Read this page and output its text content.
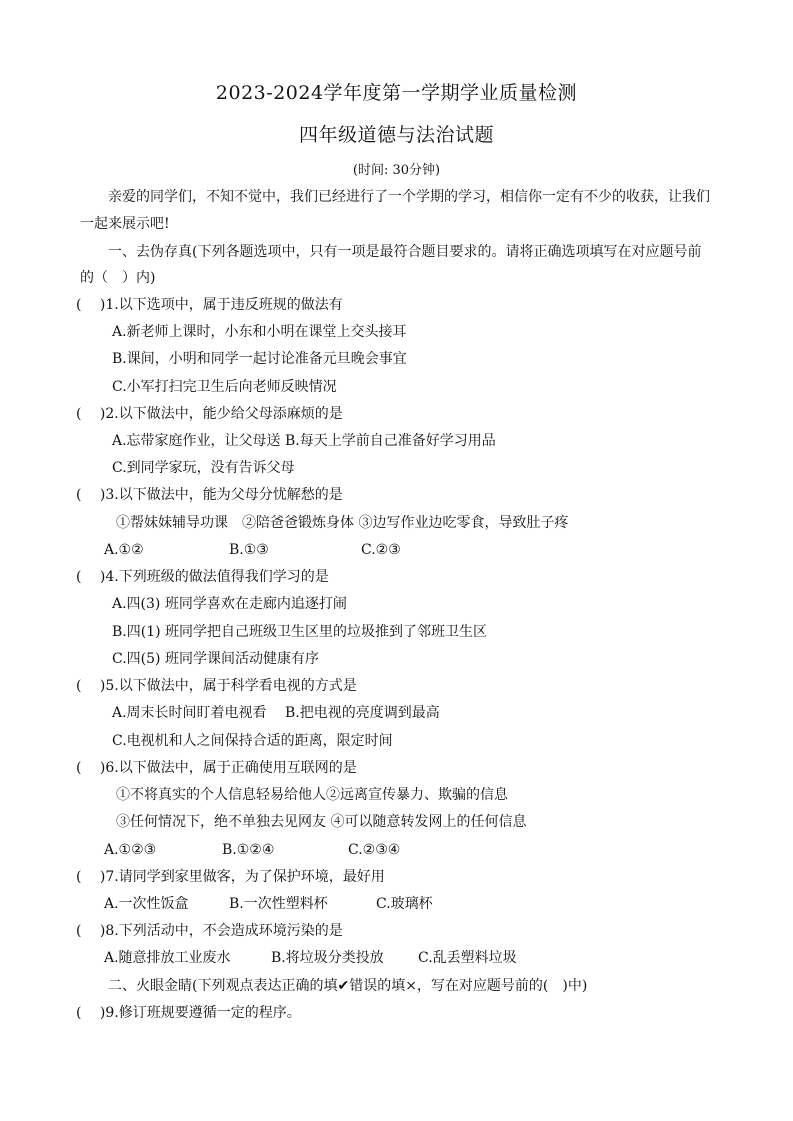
2023-2024学年度第一学期学业质量检测
四年级道德与法治试题
(时间: 30分钟)
亲爱的同学们，不知不觉中，我们已经进行了一个学期的学习，相信你一定有不少的收获，让我们
一起来展示吧!
一、去伪存真(下列各题选项中，只有一项是最符合题目要求的。请将正确选项填写在对应题号前
的（　）内)
(　 )1.以下选项中，属于违反班规的做法有
A.新老师上课时，小东和小明在课堂上交头接耳
B.课间，小明和同学一起讨论准备元旦晚会事宜
C.小军打扫完卫生后向老师反映情况
(　 )2.以下做法中，能少给父母添麻烦的是
A.忘带家庭作业，让父母送 B.每天上学前自己准备好学习用品
C.到同学家玩，没有告诉父母
(　 )3.以下做法中，能为父母分忧解愁的是
①帮妹妹辅导功课　②陪爸爸锻炼身体 ③边写作业边吃零食，导致肚子疼
A.①②	B.①③	C.②③
(　 )4.下列班级的做法值得我们学习的是
A.四(3) 班同学喜欢在走廊内追逐打闹
B.四(1) 班同学把自己班级卫生区里的垃圾推到了邻班卫生区
C.四(5) 班同学课间活动健康有序
(　 )5.以下做法中，属于科学看电视的方式是
A.周末长时间盯着电视看　 B.把电视的亮度调到最高
C.电视机和人之间保持合适的距离，限定时间
(　 )6.以下做法中，属于正确使用互联网的是
①不将真实的个人信息轻易给他人②远离宣传暴力、欺骗的信息
③任何情况下，绝不单独去见网友 ④可以随意转发网上的任何信息
A.①②③	B.①②④	C.②③④
(　 )7.请同学到家里做客，为了保护环境，最好用
A.一次性饭盒	B.一次性塑料杯	C.玻璃杯
(　 )8.下列活动中，不会造成环境污染的是
A.随意排放工业废水	B.将垃圾分类投放 C.乱丢塑料垃圾
二、火眼金睛(下列观点表达正确的填✔错误的填×，写在对应题号前的(　)中)
(　 )9.修订班规要遵循一定的程序。
